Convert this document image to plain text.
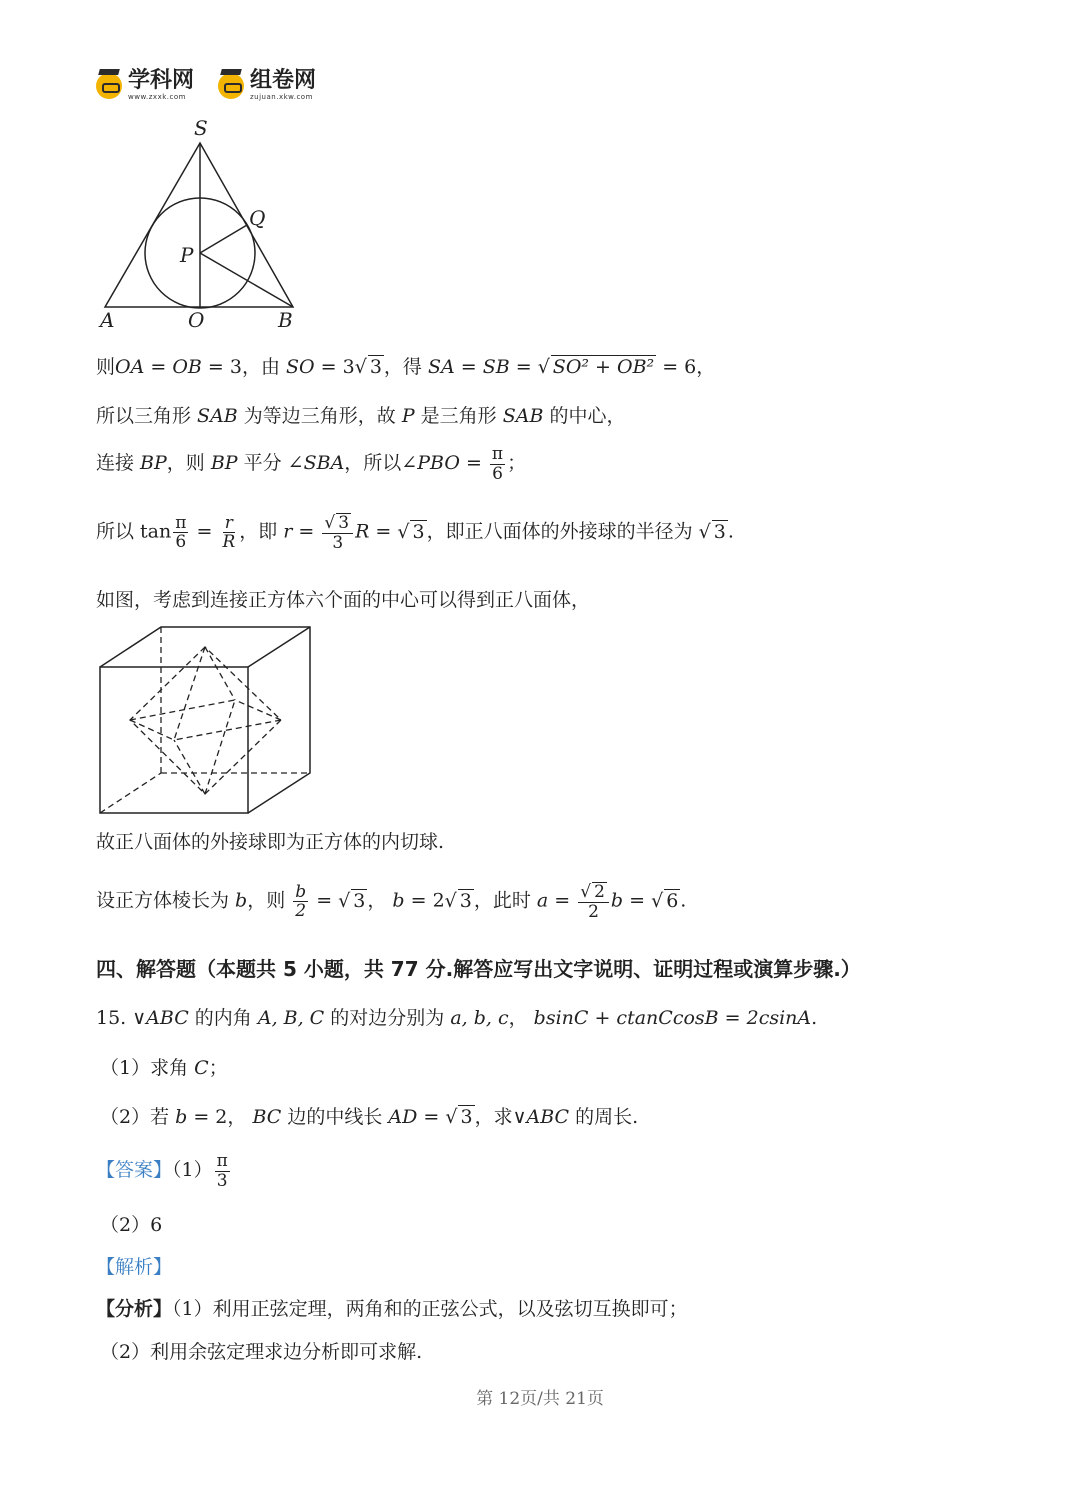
学科网
www.zxxk.com
组卷网
zujuan.xkw.com
S
Q
P
A	O	B
则OA = OB = 3，由 SO = 3 √ 3 ，得 SA = SB = √ SO² + OB² = 6，
所以三角形 SAB 为等边三角形，故 P 是三角形 SAB 的中心，
连接 BP，则 BP 平分 ∠SBA，所以∠PBO = $\frac{\pi}{6}$ ；
所以 $\tan \frac{\pi}{6} = \frac{r}{R}$ ，即 r = √ $\frac{3}{3}$ R = √ 3 ，即正八面体的外接球的半径为 √ 3 .
如图，考虑到连接正方体六个面的中心可以得到正八面体，
故正八面体的外接球即为正方体的内切球.
设正方体棱长为 b，则 $\frac{b}{2}$ = √ 3 ， b = 2 √ 3 ，此时 a = √ $\frac{2}{2}$ b = √ 6 .
四、解答题（本题共 5 小题，共 77 分.解答应写出文字说明、证明过程或演算步骤.）
15. ∨ABC 的内角 A, B, C 的对边分别为 a, b, c， bsinC + ctanCcosB = 2csinA.
（1）求角 C；
（2）若 b = 2， BC 边的中线长 AD = √ 3 ，求∨ABC 的周长.
【答案】$(1) \frac{\pi}{3}$
（2）6
【解析】
【分析】（1）利用正弦定理，两角和的正弦公式，以及弦切互换即可；
（2）利用余弦定理求边分析即可求解.
第 12页/共 21页
